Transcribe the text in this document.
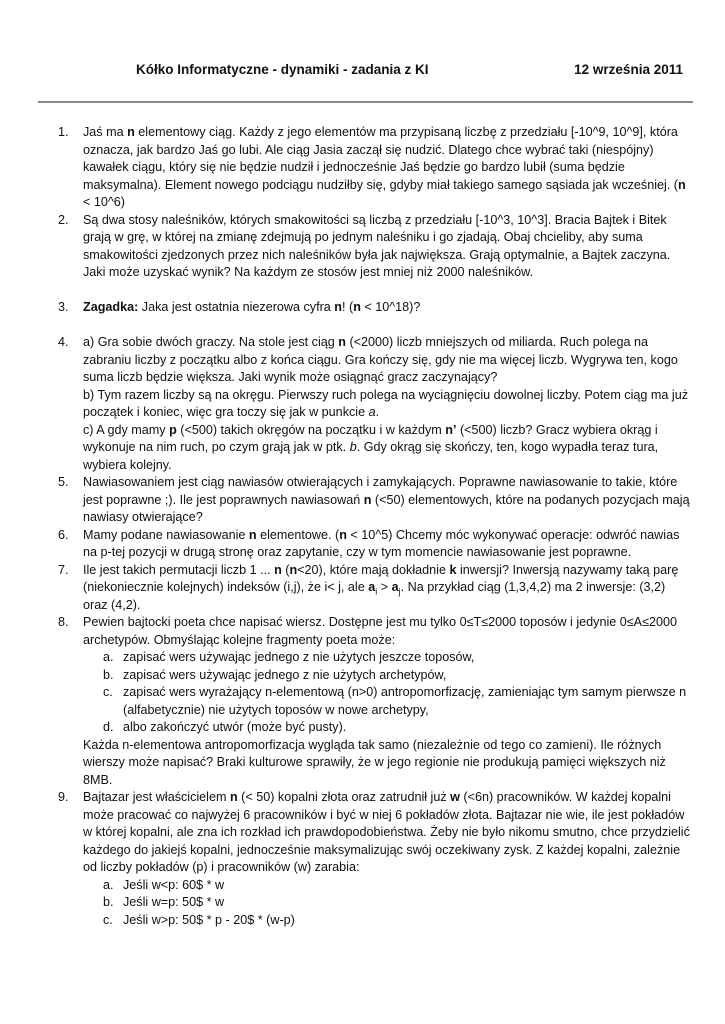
Kółko Informatyczne - dynamiki - zadania z KI	12 września 2011
1. Jaś ma n elementowy ciąg. Każdy z jego elementów ma przypisaną liczbę z przedziału [-10^9, 10^9], która oznacza, jak bardzo Jaś go lubi. Ale ciąg Jasia zaczął się nudzić. Dlatego chce wybrać taki (niespójny) kawałek ciągu, który się nie będzie nudził i jednocześnie Jaś będzie go bardzo lubił (suma będzie maksymalna). Element nowego podciągu nudziłby się, gdyby miał takiego samego sąsiada jak wcześniej. (n < 10^6)
2. Są dwa stosy naleśników, których smakowitości są liczbą z przedziału [-10^3, 10^3]. Bracia Bajtek i Bitek grają w grę, w której na zmianę zdejmują po jednym naleśniku i go zjadają. Obaj chcieliby, aby suma smakowitości zjedzonych przez nich naleśników była jak największa. Grają optymalnie, a Bajtek zaczyna. Jaki może uzyskać wynik? Na każdym ze stosów jest mniej niż 2000 naleśników.
3. Zagadka: Jaka jest ostatnia niezerowa cyfra n! (n < 10^18)?
4. a) Gra sobie dwóch graczy. Na stole jest ciąg n (<2000) liczb mniejszych od miliarda. Ruch polega na zabraniu liczby z początku albo z końca ciągu. Gra kończy się, gdy nie ma więcej liczb. Wygrywa ten, kogo suma liczb będzie większa. Jaki wynik może osiągnąć gracz zaczynający?
b) Tym razem liczby są na okręgu. Pierwszy ruch polega na wyciągnięciu dowolnej liczby. Potem ciąg ma już początek i koniec, więc gra toczy się jak w punkcie a.
c) A gdy mamy p (<500) takich okręgów na początku i w każdym n’ (<500) liczb? Gracz wybiera okrąg i wykonuje na nim ruch, po czym grają jak w ptk. b. Gdy okrąg się skończy, ten, kogo wypadła teraz tura, wybiera kolejny.
5. Nawiasowaniem jest ciąg nawiasów otwierających i zamykających. Poprawne nawiasowanie to takie, które jest poprawne ;). Ile jest poprawnych nawiasowań n (<50) elementowych, które na podanych pozycjach mają nawiasy otwierające?
6. Mamy podane nawiasowanie n elementowe. (n < 10^5) Chcemy móc wykonywać operacje: odwróć nawias na p-tej pozycji w drugą stronę oraz zapytanie, czy w tym momencie nawiasowanie jest poprawne.
7. Ile jest takich permutacji liczb 1 ... n (n<20), które mają dokładnie k inwersji? Inwersją nazywamy taką parę (niekoniecznie kolejnych) indeksów (i,j), że i< j, ale $a_i > a_j$. Na przykład ciąg (1,3,4,2) ma 2 inwersje: (3,2) oraz (4,2).
8. Pewien bajtocki poeta chce napisać wiersz. Dostępne jest mu tylko 0≤T≤2000 toposów i jedynie 0≤A≤2000 archetypów. Obmyślając kolejne fragmenty poeta może:
a. zapisać wers używając jednego z nie użytych jeszcze toposów,
b. zapisać wers używając jednego z nie użytych archetypów,
c. zapisać wers wyrażający n-elementową (n>0) antropomorfizację, zamieniając tym samym pierwsze n (alfabetycznie) nie użytych toposów w nowe archetypy,
d. albo zakończyć utwór (może być pusty).
Każda n-elementowa antropomorfizacja wygląda tak samo (niezależnie od tego co zamieni). Ile różnych wierszy może napisać? Braki kulturowe sprawiły, że w jego regionie nie produkują pamięci większych niż 8MB.
9. Bajtazar jest właścicielem n (< 50) kopalni złota oraz zatrudnił już w (<6n) pracowników. W każdej kopalni może pracować co najwyżej 6 pracowników i być w niej 6 pokładów złota. Bajtazar nie wie, ile jest pokładów w której kopalni, ale zna ich rozkład ich prawdopodobieństwa. Żeby nie było nikomu smutno, chce przydzielić każdego do jakiejś kopalni, jednocześnie maksymalizując swój oczekiwany zysk. Z każdej kopalni, zależnie od liczby pokładów (p) i pracowników (w) zarabia:
a. Jeśli w<p: 60$ * w
b. Jeśli w=p: 50$ * w
c. Jeśli w>p: 50$ * p - 20$ * (w-p)
